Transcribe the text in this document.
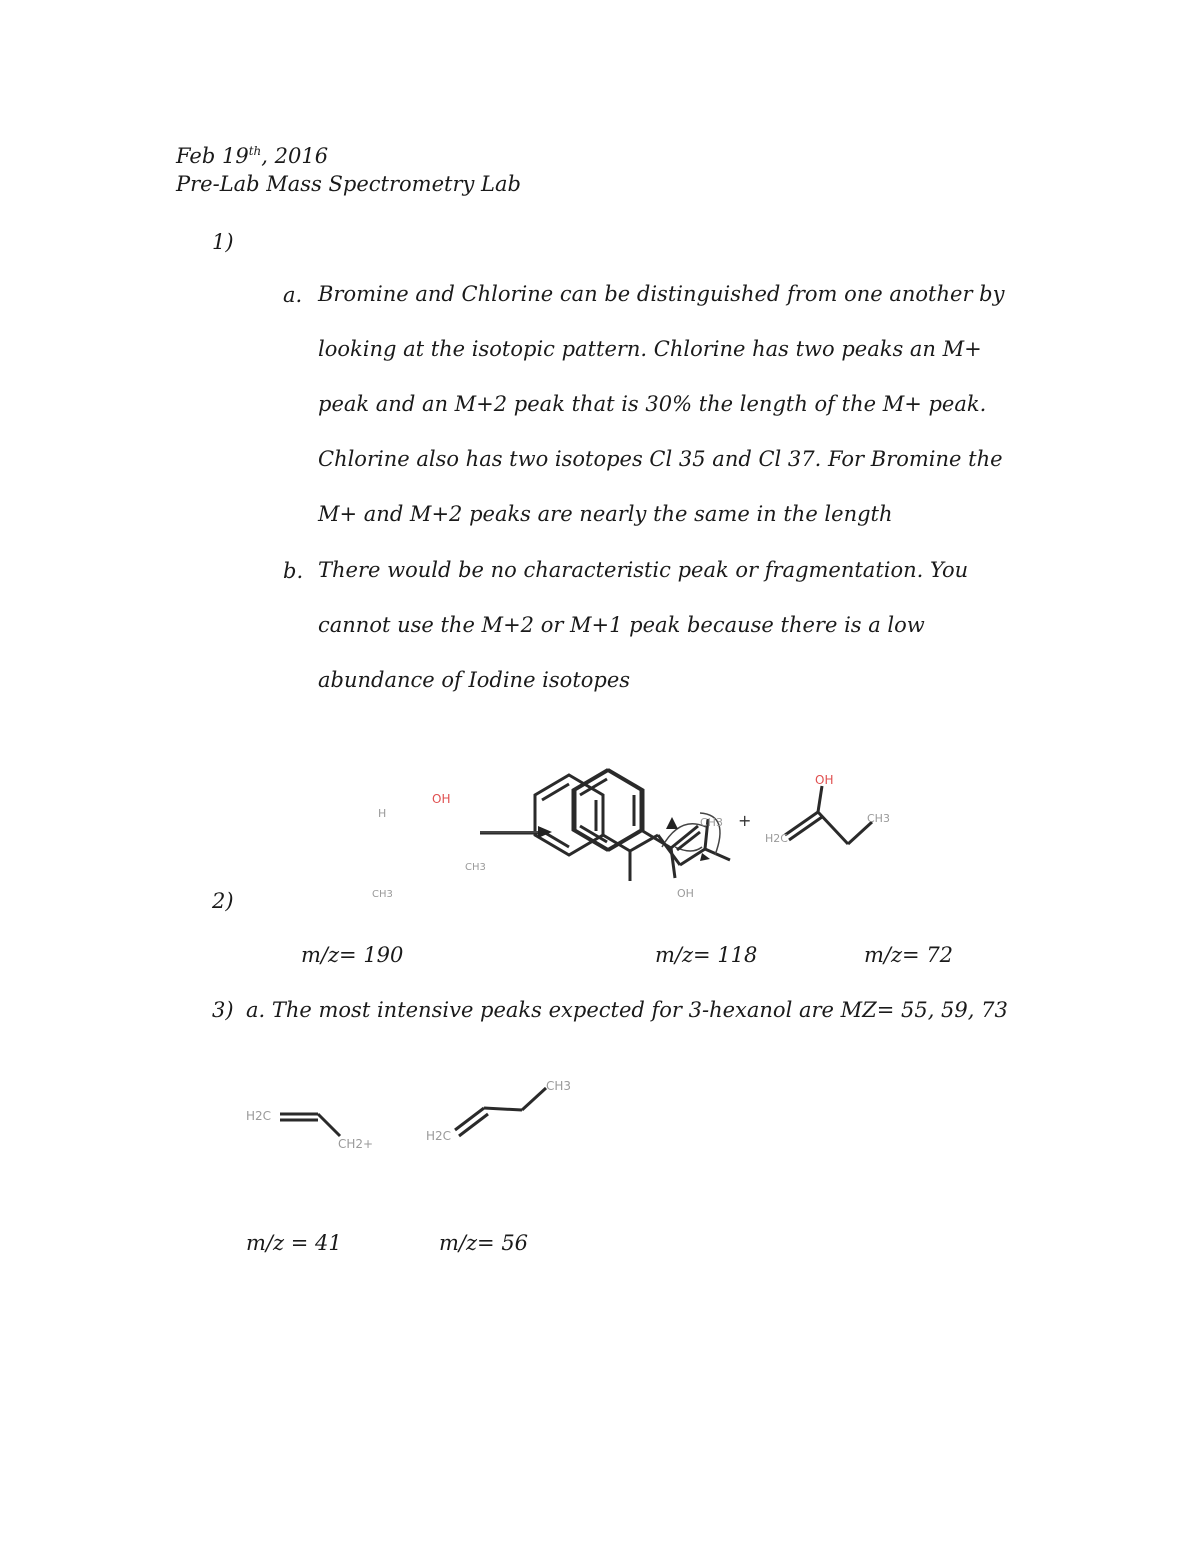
Feb 19th, 2016
Pre-Lab Mass Spectrometry Lab
1)
a. Bromine and Chlorine can be distinguished from one another by looking at the isotopic pattern. Chlorine has two peaks an M+ peak and an M+2 peak that is 30% the length of the M+ peak. Chlorine also has two isotopes Cl 35 and Cl 37. For Bromine the M+ and M+2 peaks are nearly the same in the length
b. There would be no characteristic peak or fragmentation. You cannot use the M+2 or M+1 peak because there is a low abundance of Iodine isotopes
2)
H
OH
CH3
CH3
CH3
OH
+
OH
H2C
CH3
m/z= 190	m/z= 118	m/z= 72
3) a. The most intensive peaks expected for 3-hexanol are MZ= 55, 59, 73
H2C
CH2+
H2C
CH3
m/z = 41	m/z= 56
